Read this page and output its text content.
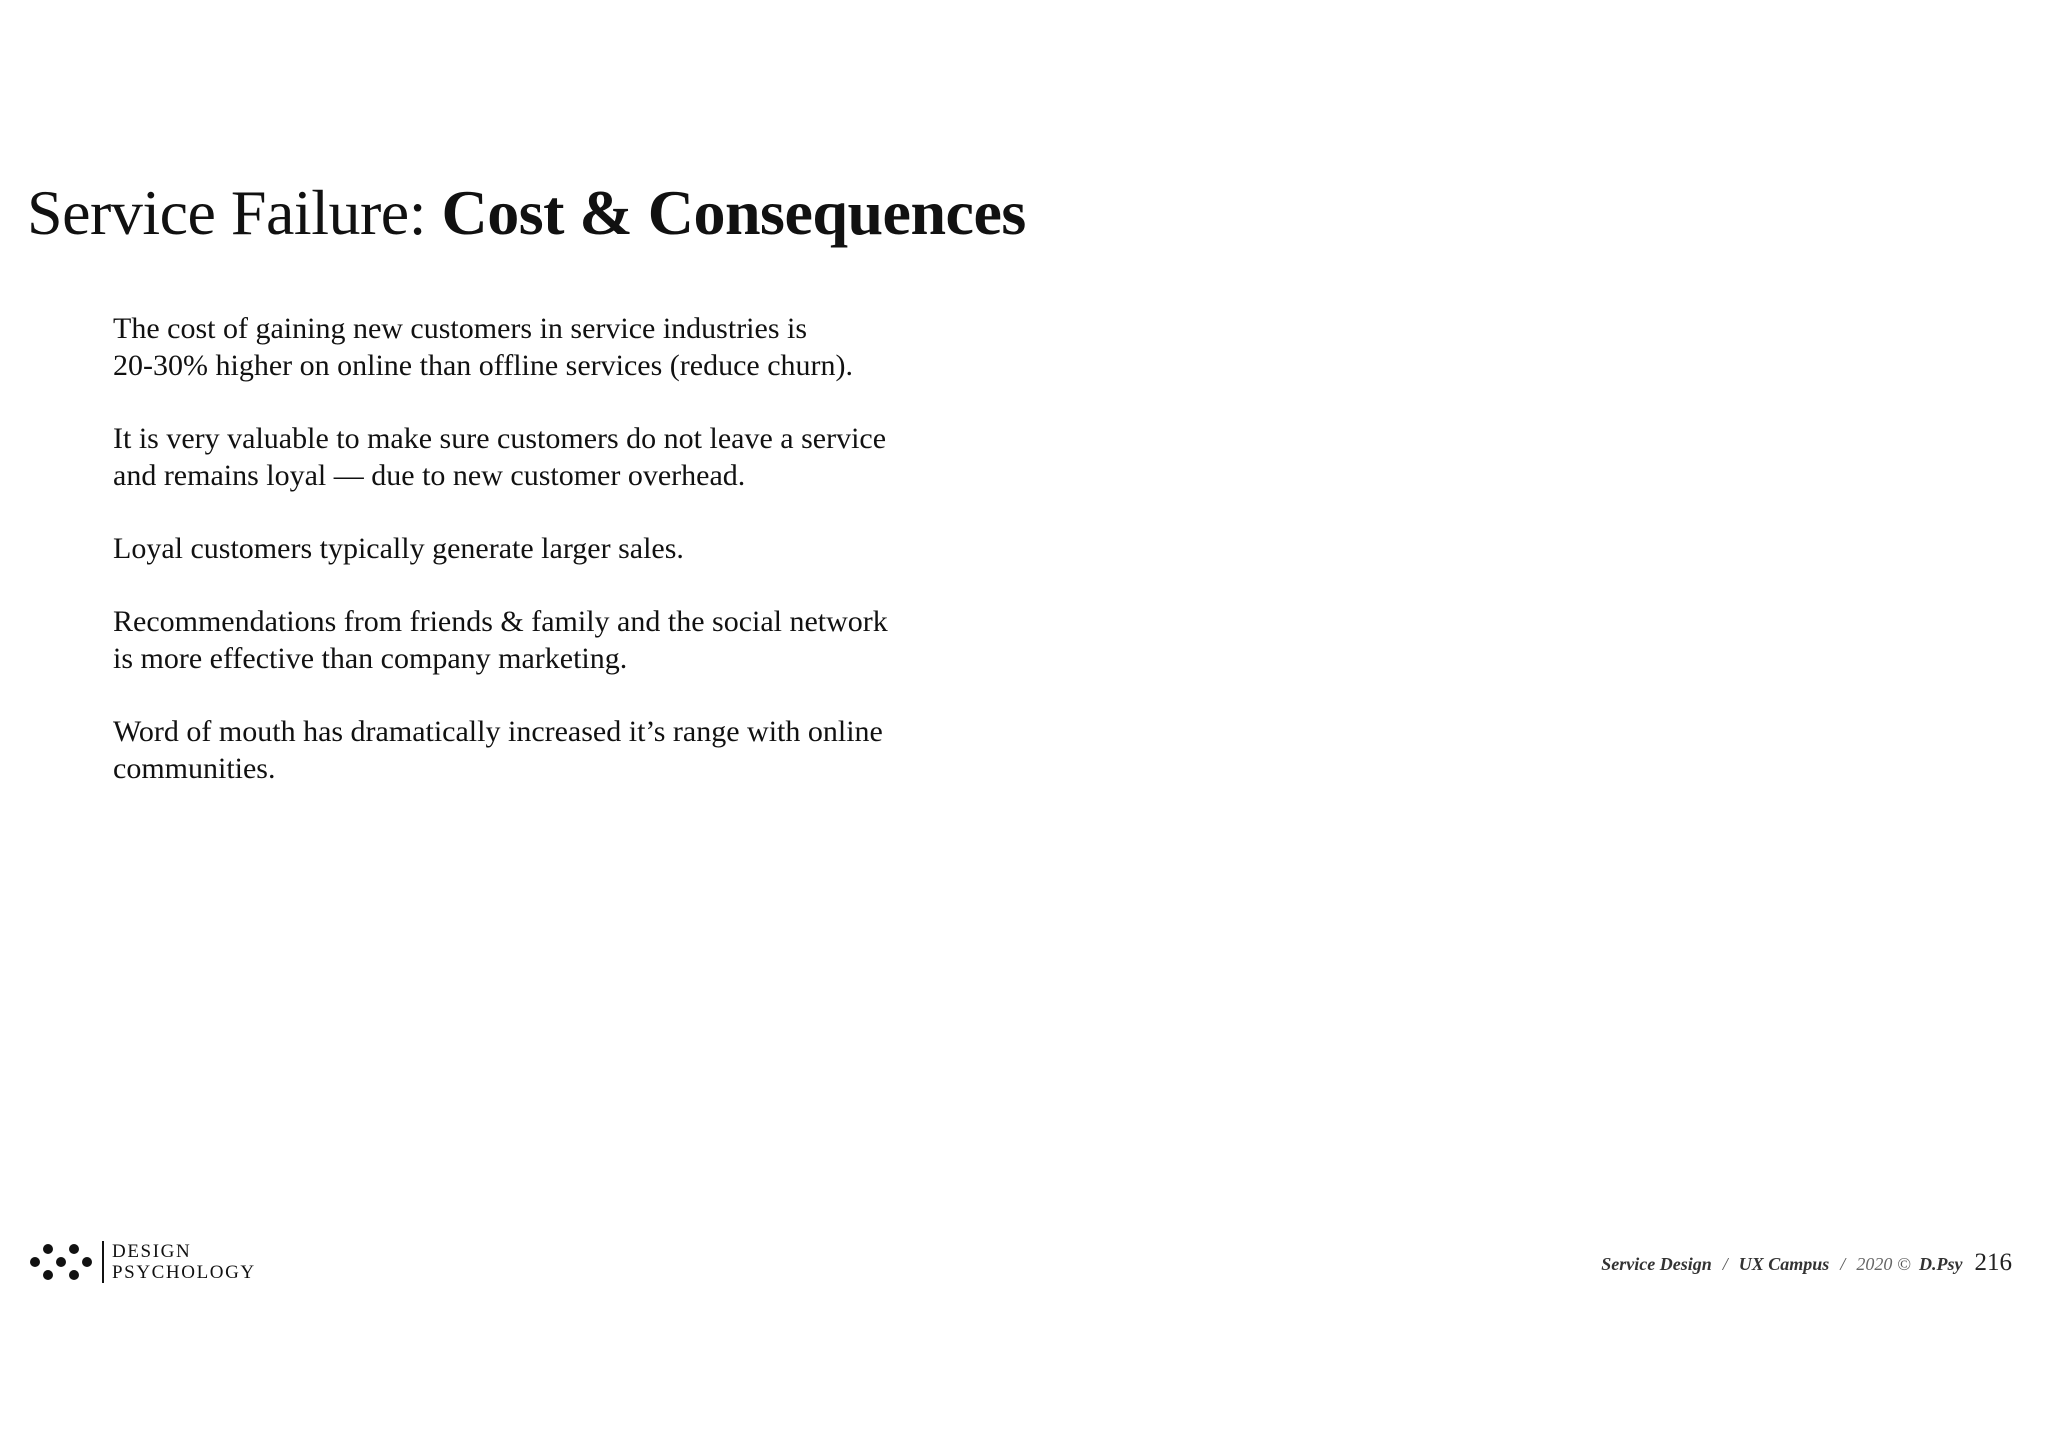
Service Failure: Cost & Consequences

The cost of gaining new customers in service industries is
20-30% higher on online than offline services (reduce churn).

It is very valuable to make sure customers do not leave a service
and remains loyal — due to new customer overhead.

Loyal customers typically generate larger sales.

Recommendations from friends & family and the social network
is more effective than company marketing.

Word of mouth has dramatically increased it’s range with online
communities.

DESIGN
PSYCHOLOGY	Service Design / UX Campus / 2020 © D.Psy 216
